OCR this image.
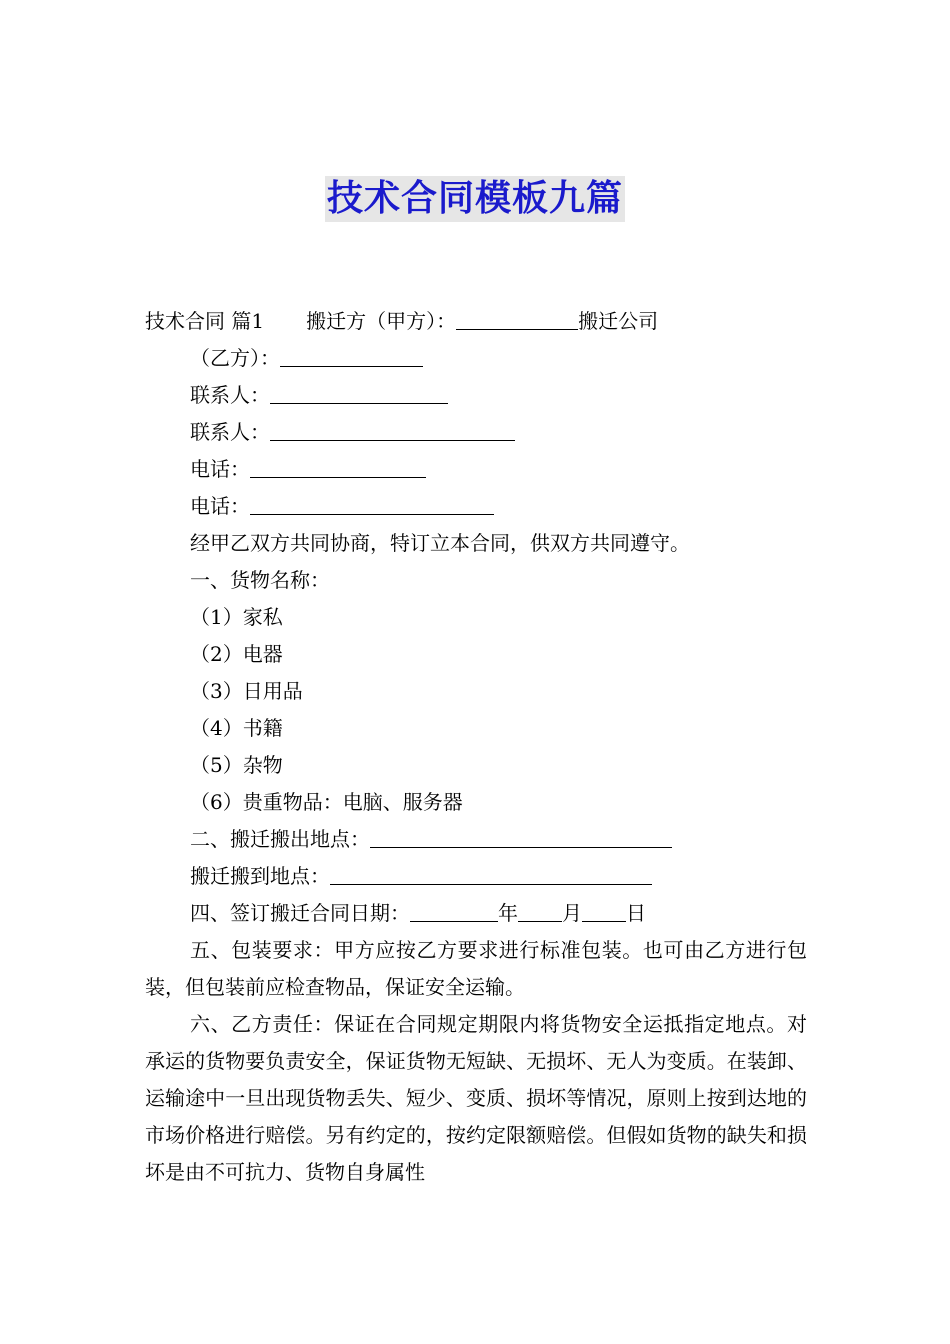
技术合同模板九篇
技术合同 篇1 搬迁方（甲方）：	搬迁公司
（乙方）：
联系人：
联系人：
电话：
电话：
经甲乙双方共同协商，特订立本合同，供双方共同遵守。
一、货物名称：
（1）家私
（2）电器
（3）日用品
（4）书籍
（5）杂物
（6）贵重物品：电脑、服务器
二、搬迁搬出地点：
搬迁搬到地点：
四、签订搬迁合同日期：	年 月 日
五、包装要求：甲方应按乙方要求进行标准包装。也可由乙方进行包装，但包装前应检查物品，保证安全运输。
六、乙方责任：保证在合同规定期限内将货物安全运抵指定地点。对承运的货物要负责安全，保证货物无短缺、无损坏、无人为变质。在装卸、运输途中一旦出现货物丢失、短少、变质、损坏等情况，原则上按到达地的市场价格进行赔偿。另有约定的，按约定限额赔偿。但假如货物的缺失和损坏是由不可抗力、货物自身属性
